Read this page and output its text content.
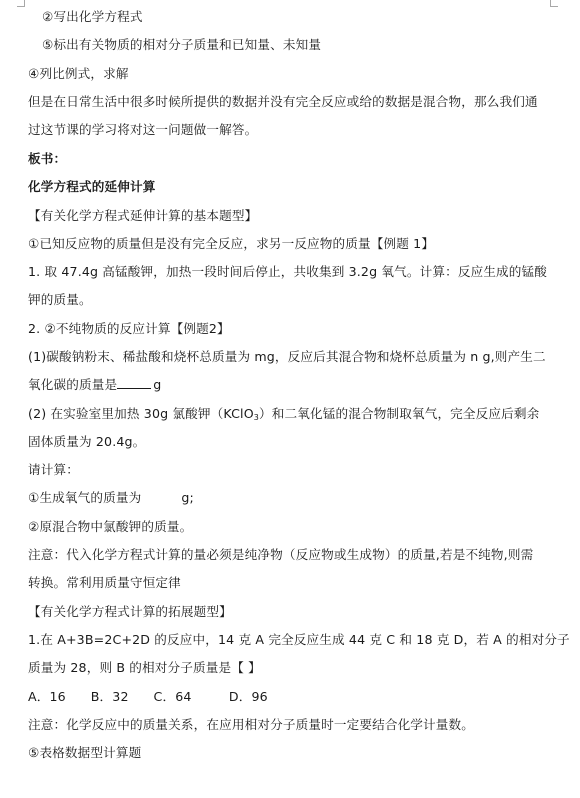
②写出化学方程式
⑤标出有关物质的相对分子质量和已知量、未知量
④列比例式，求解
但是在日常生活中很多时候所提供的数据并没有完全反应或给的数据是混合物，那么我们通
过这节课的学习将对这一问题做一解答。
板书：
化学方程式的延伸计算
【有关化学方程式延伸计算的基本题型】
①已知反应物的质量但是没有完全反应，求另一反应物的质量【例题 1】
1. 取 47.4g 高锰酸钾，加热一段时间后停止，共收集到 3.2g 氧气。计算：反应生成的锰酸
钾的质量。
2. ②不纯物质的反应计算【例题2】
(1)碳酸钠粉末、稀盐酸和烧杯总质量为 mg，反应后其混合物和烧杯总质量为 n g,则产生二
氧化碳的质量是	g
(2) 在实验室里加热 30g 氯酸钾（KClO$_3$）和二氧化锰的混合物制取氧气，完全反应后剩余
固体质量为 20.4g。
请计算：
①生成氧气的质量为	g;
②原混合物中氯酸钾的质量。
注意：代入化学方程式计算的量必须是纯净物（反应物或生成物）的质量,若是不纯物,则需
转换。常利用质量守恒定律
【有关化学方程式计算的拓展题型】
1.在 A+3B=2C+2D 的反应中，14 克 A 完全反应生成 44 克 C 和 18 克 D，若 A 的相对分子
质量为 28，则 B 的相对分子质量是【 】
A．16      B．32      C．64         D．96
注意：化学反应中的质量关系，在应用相对分子质量时一定要结合化学计量数。
⑤表格数据型计算题
